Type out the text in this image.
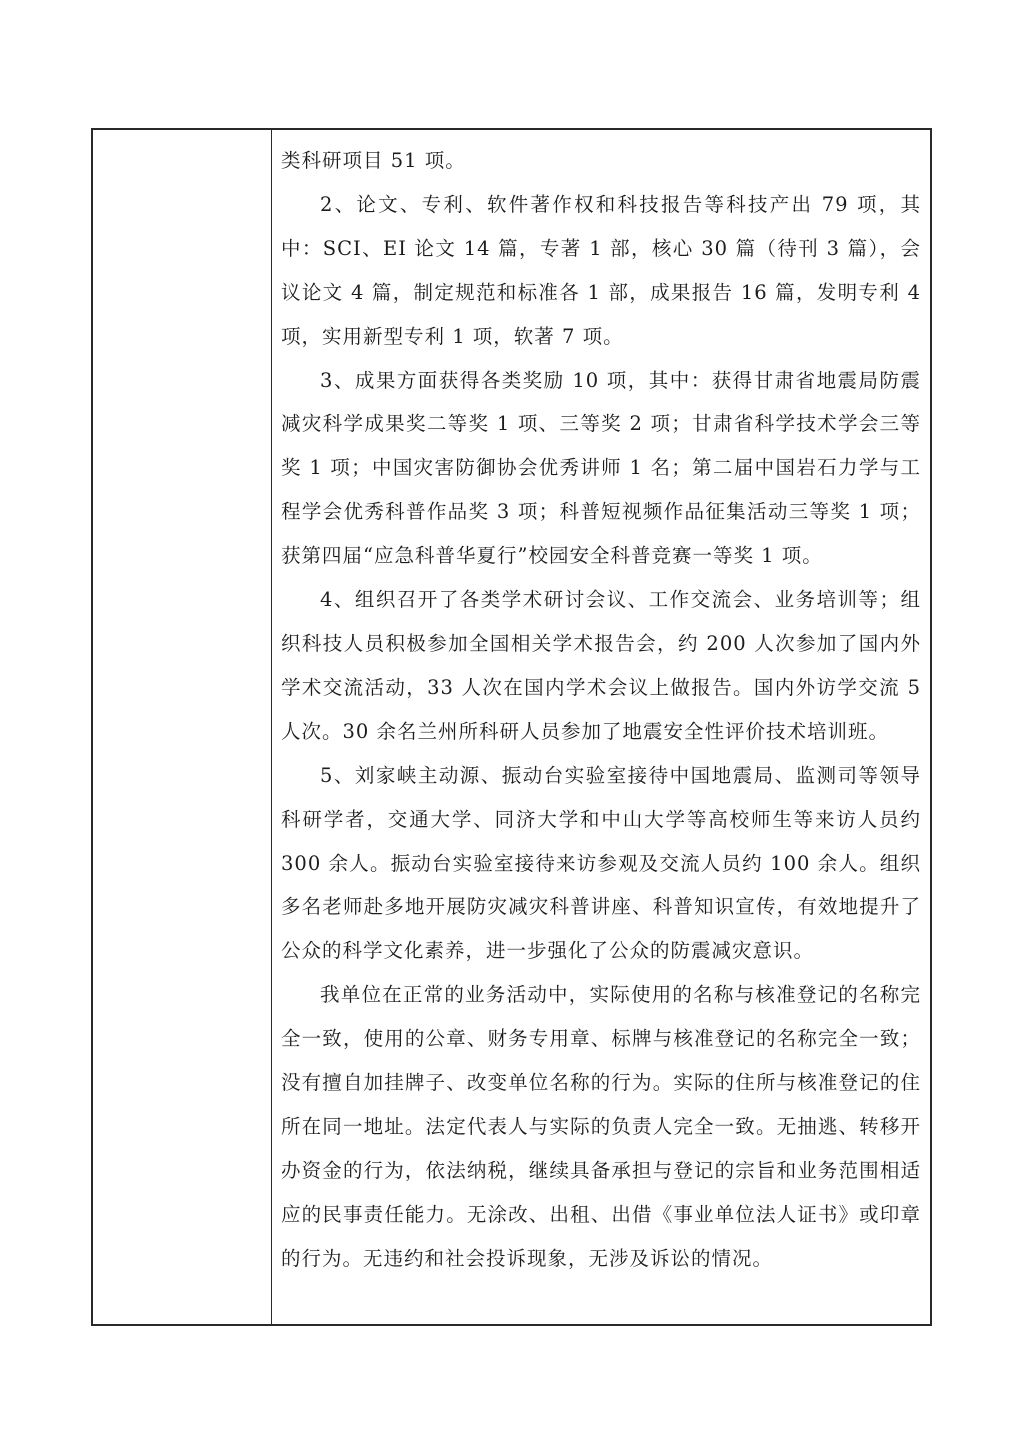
类科研项目 51 项。

2、论文、专利、软件著作权和科技报告等科技产出 79 项，其中：SCI、EI 论文 14 篇，专著 1 部，核心 30 篇（待刊 3 篇），会议论文 4 篇，制定规范和标准各 1 部，成果报告 16 篇，发明专利 4 项，实用新型专利 1 项，软著 7 项。

3、成果方面获得各类奖励 10 项，其中：获得甘肃省地震局防震减灾科学成果奖二等奖 1 项、三等奖 2 项；甘肃省科学技术学会三等奖 1 项；中国灾害防御协会优秀讲师 1 名；第二届中国岩石力学与工程学会优秀科普作品奖 3 项；科普短视频作品征集活动三等奖 1 项；获第四届“应急科普华夏行”校园安全科普竞赛一等奖 1 项。

4、组织召开了各类学术研讨会议、工作交流会、业务培训等；组织科技人员积极参加全国相关学术报告会，约 200 人次参加了国内外学术交流活动，33 人次在国内学术会议上做报告。国内外访学交流 5 人次。30 余名兰州所科研人员参加了地震安全性评价技术培训班。

5、刘家峡主动源、振动台实验室接待中国地震局、监测司等领导科研学者，交通大学、同济大学和中山大学等高校师生等来访人员约 300 余人。振动台实验室接待来访参观及交流人员约 100 余人。组织多名老师赴多地开展防灾减灾科普讲座、科普知识宣传，有效地提升了公众的科学文化素养，进一步强化了公众的防震减灾意识。

我单位在正常的业务活动中，实际使用的名称与核准登记的名称完全一致，使用的公章、财务专用章、标牌与核准登记的名称完全一致；没有擅自加挂牌子、改变单位名称的行为。实际的住所与核准登记的住所在同一地址。法定代表人与实际的负责人完全一致。无抽逃、转移开办资金的行为，依法纳税，继续具备承担与登记的宗旨和业务范围相适应的民事责任能力。无涂改、出租、出借《事业单位法人证书》或印章的行为。无违约和社会投诉现象，无涉及诉讼的情况。
